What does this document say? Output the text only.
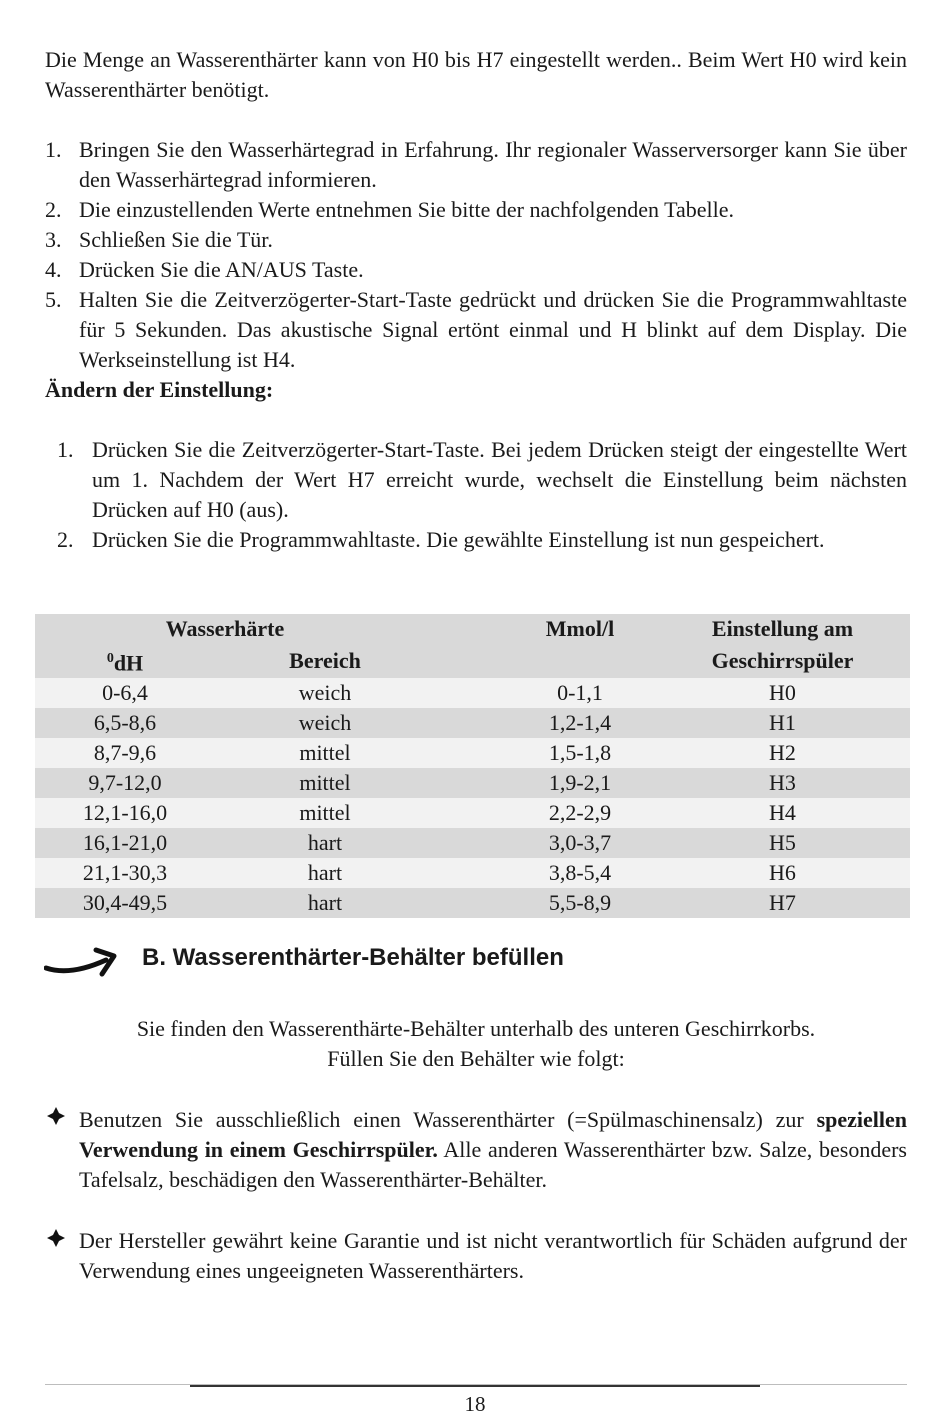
Die Menge an Wasserenthärter kann von H0 bis H7 eingestellt werden.. Beim Wert H0 wird kein Wasserenthärter benötigt.
1. Bringen Sie den Wasserhärtegrad in Erfahrung. Ihr regionaler Wasserversorger kann Sie über den Wasserhärtegrad informieren.
2. Die einzustellenden Werte entnehmen Sie bitte der nachfolgenden Tabelle.
3. Schließen Sie die Tür.
4. Drücken Sie die AN/AUS Taste.
5. Halten Sie die Zeitverzögerter-Start-Taste gedrückt und drücken Sie die Programmwahltaste für 5 Sekunden. Das akustische Signal ertönt einmal und H blinkt auf dem Display. Die Werkseinstellung ist H4.
Ändern der Einstellung:
1. Drücken Sie die Zeitverzögerter-Start-Taste. Bei jedem Drücken steigt der eingestellte Wert um 1. Nachdem der Wert H7 erreicht wurde, wechselt die Einstellung beim nächsten Drücken auf H0 (aus).
2. Drücken Sie die Programmwahltaste. Die gewählte Einstellung ist nun gespeichert.
Wasserhärte		Mmol/l	Einstellung am
$^0$dH	Bereich		Geschirrspüler
0-6,4	weich	0-1,1	H0
6,5-8,6	weich	1,2-1,4	H1
8,7-9,6	mittel	1,5-1,8	H2
9,7-12,0	mittel	1,9-2,1	H3
12,1-16,0	mittel	2,2-2,9	H4
16,1-21,0	hart	3,0-3,7	H5
21,1-30,3	hart	3,8-5,4	H6
30,4-49,5	hart	5,5-8,9	H7
B. Wasserenthärter-Behälter befüllen
Sie finden den Wasserenthärte-Behälter unterhalb des unteren Geschirrkorbs.
Füllen Sie den Behälter wie folgt:
Benutzen Sie ausschließlich einen Wasserenthärter (=Spülmaschinensalz) zur speziellen Verwendung in einem Geschirrspüler. Alle anderen Wasserenthärter bzw. Salze, besonders Tafelsalz, beschädigen den Wasserenthärter-Behälter.
Der Hersteller gewährt keine Garantie und ist nicht verantwortlich für Schäden aufgrund der Verwendung eines ungeeigneten Wasserenthärters.
18
